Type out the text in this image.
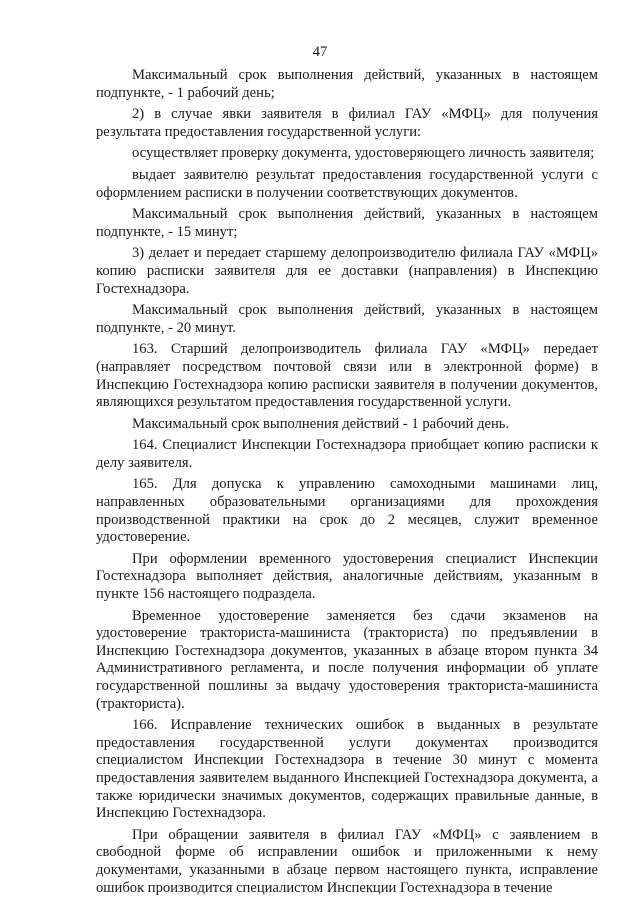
47

Максимальный срок выполнения действий, указанных в настоящем подпункте, - 1 рабочий день;

2) в случае явки заявителя в филиал ГАУ «МФЦ» для получения результата предоставления государственной услуги:

осуществляет проверку документа, удостоверяющего личность заявителя;

выдает заявителю результат предоставления государственной услуги с оформлением расписки в получении соответствующих документов.

Максимальный срок выполнения действий, указанных в настоящем подпункте, - 15 минут;

3) делает и передает старшему делопроизводителю филиала ГАУ «МФЦ» копию расписки заявителя для ее доставки (направления) в Инспекцию Гостехнадзора.

Максимальный срок выполнения действий, указанных в настоящем подпункте, - 20 минут.

163. Старший делопроизводитель филиала ГАУ «МФЦ» передает (направляет посредством почтовой связи или в электронной форме) в Инспекцию Гостехнадзора копию расписки заявителя в получении документов, являющихся результатом предоставления государственной услуги.

Максимальный срок выполнения действий - 1 рабочий день.

164. Специалист Инспекции Гостехнадзора приобщает копию расписки к делу заявителя.

165. Для допуска к управлению самоходными машинами лиц, направленных образовательными организациями для прохождения производственной практики на срок до 2 месяцев, служит временное удостоверение.

При оформлении временного удостоверения специалист Инспекции Гостехнадзора выполняет действия, аналогичные действиям, указанным в пункте 156 настоящего подраздела.

Временное удостоверение заменяется без сдачи экзаменов на удостоверение тракториста-машиниста (тракториста) по предъявлении в Инспекцию Гостехнадзора документов, указанных в абзаце втором пункта 34 Административного регламента, и после получения информации об уплате государственной пошлины за выдачу удостоверения тракториста-машиниста (тракториста).

166. Исправление технических ошибок в выданных в результате предоставления государственной услуги документах производится специалистом Инспекции Гостехнадзора в течение 30 минут с момента предоставления заявителем выданного Инспекцией Гостехнадзора документа, а также юридически значимых документов, содержащих правильные данные, в Инспекцию Гостехнадзора.

При обращении заявителя в филиал ГАУ «МФЦ» с заявлением в свободной форме об исправлении ошибок и приложенными к нему документами, указанными в абзаце первом настоящего пункта, исправление ошибок производится специалистом Инспекции Гостехнадзора в течение
